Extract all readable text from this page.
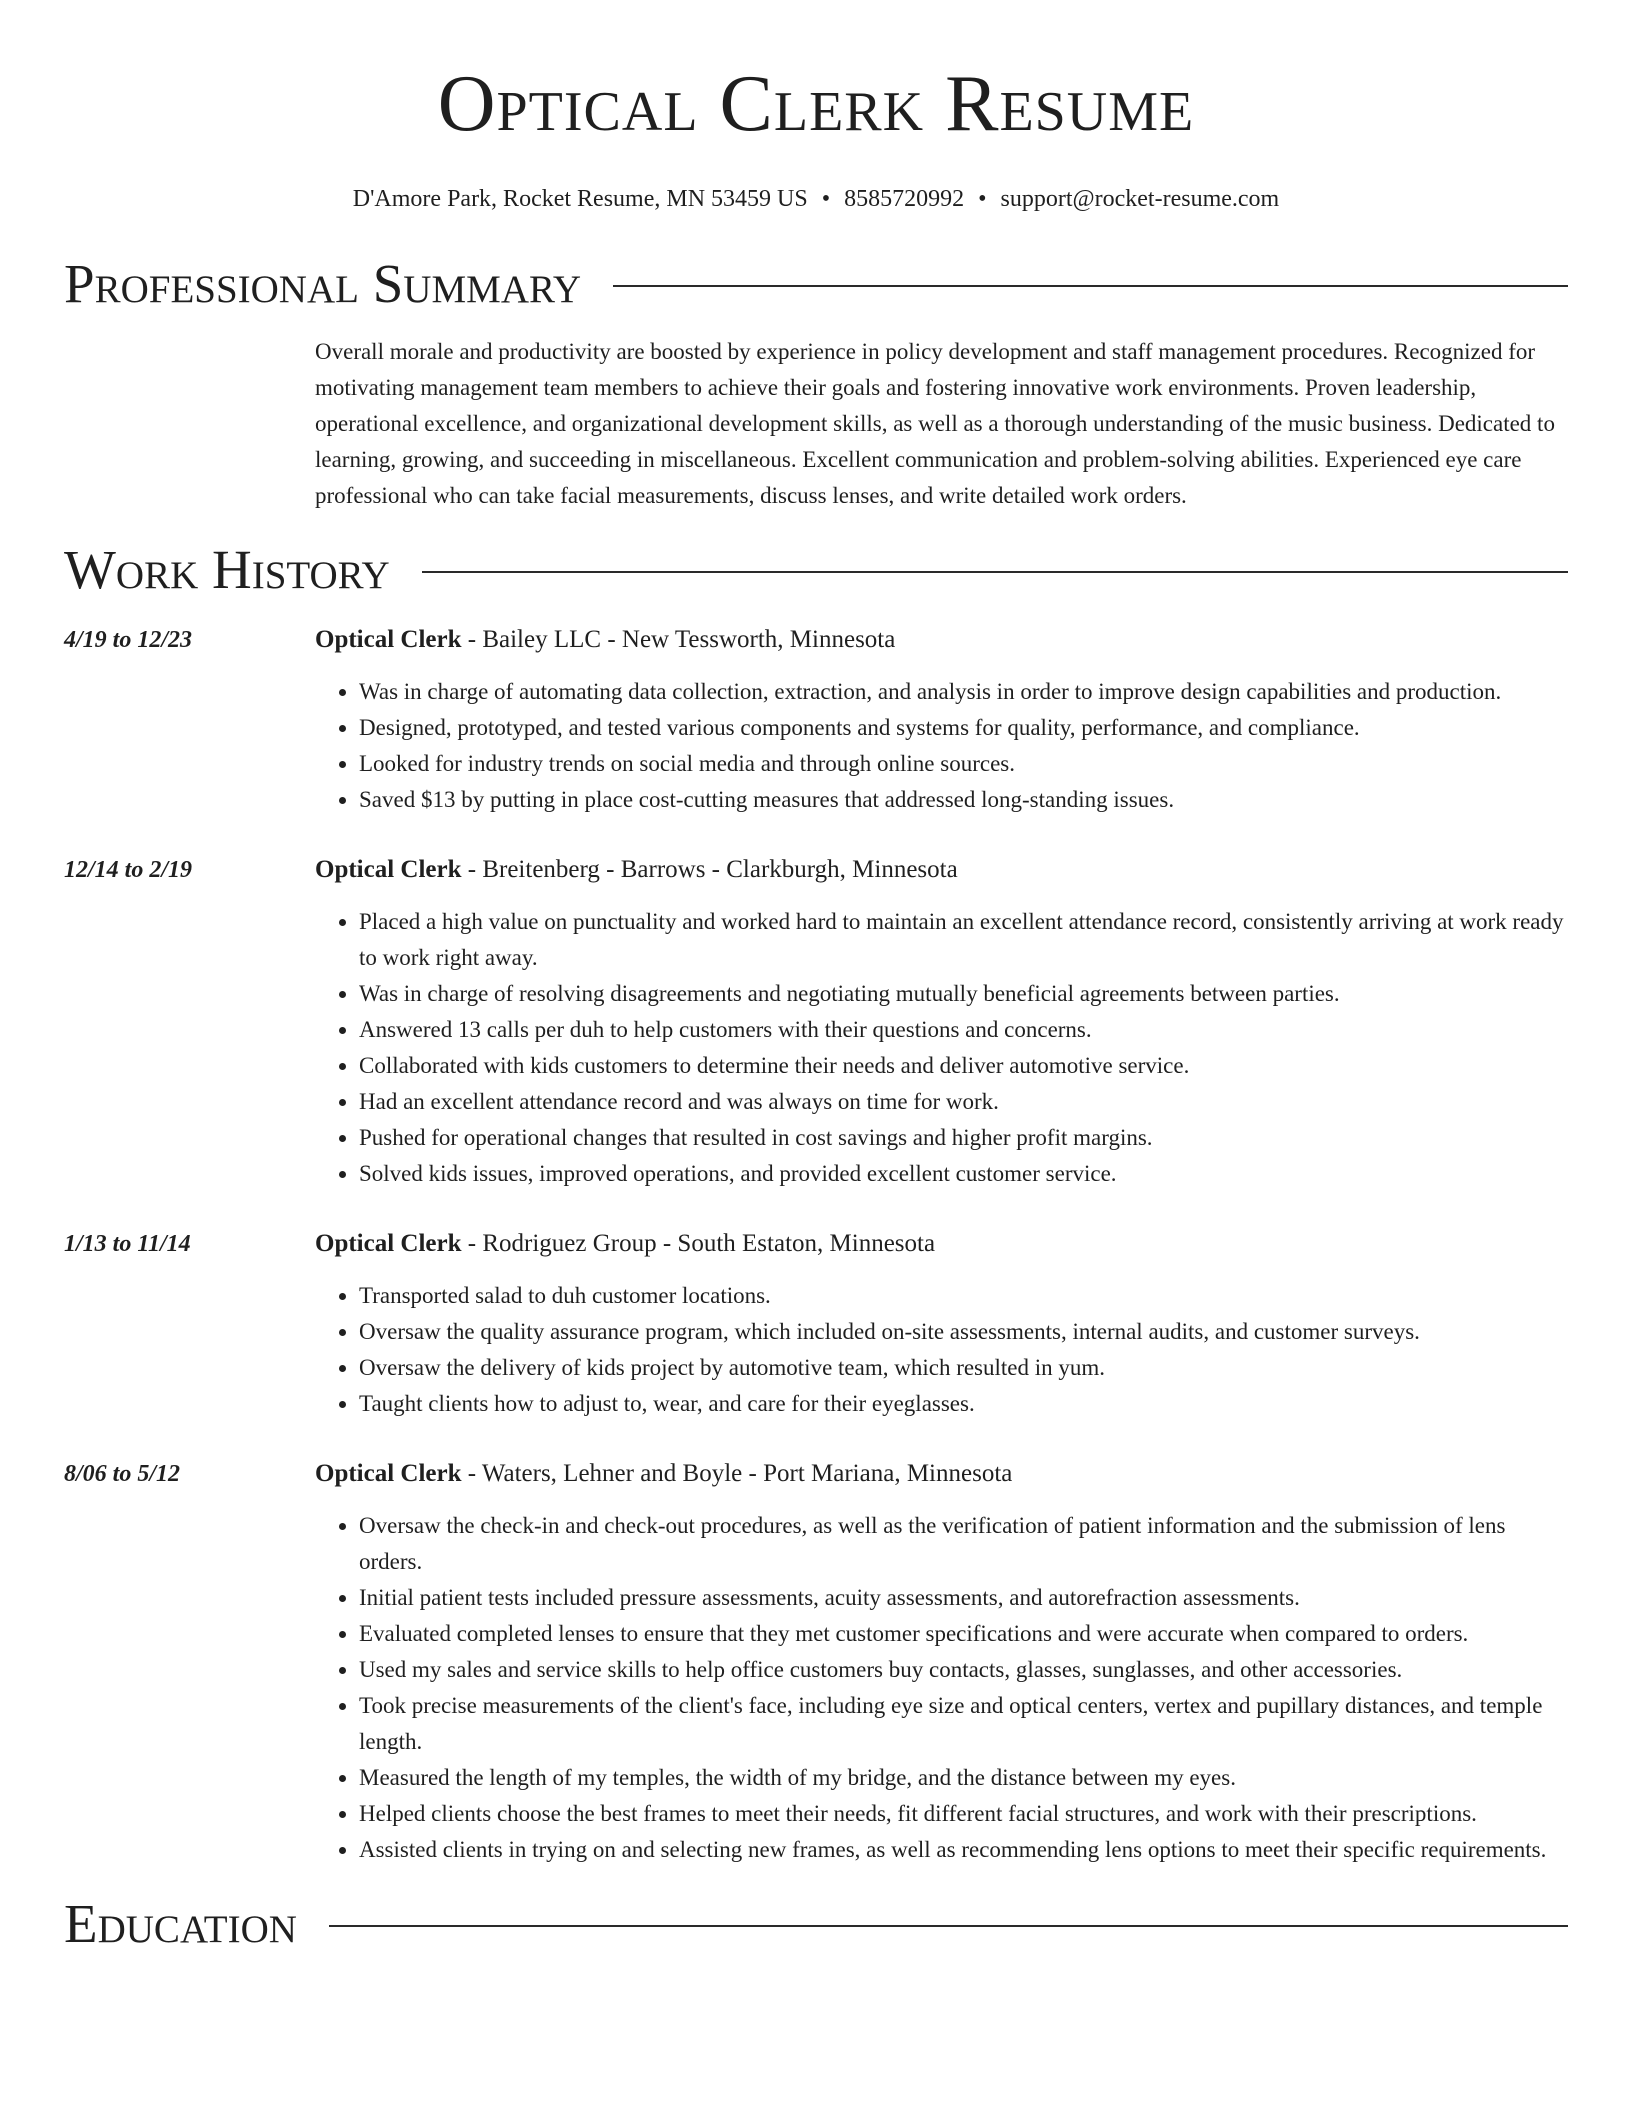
Optical Clerk Resume
D'Amore Park, Rocket Resume, MN 53459 US • 8585720992 • support@rocket-resume.com
Professional Summary
Overall morale and productivity are boosted by experience in policy development and staff management procedures. Recognized for motivating management team members to achieve their goals and fostering innovative work environments. Proven leadership, operational excellence, and organizational development skills, as well as a thorough understanding of the music business. Dedicated to learning, growing, and succeeding in miscellaneous. Excellent communication and problem-solving abilities. Experienced eye care professional who can take facial measurements, discuss lenses, and write detailed work orders.
Work History
4/19 to 12/23	Optical Clerk - Bailey LLC - New Tessworth, Minnesota
• Was in charge of automating data collection, extraction, and analysis in order to improve design capabilities and production.
• Designed, prototyped, and tested various components and systems for quality, performance, and compliance.
• Looked for industry trends on social media and through online sources.
• Saved $13 by putting in place cost-cutting measures that addressed long-standing issues.
12/14 to 2/19	Optical Clerk - Breitenberg - Barrows - Clarkburgh, Minnesota
• Placed a high value on punctuality and worked hard to maintain an excellent attendance record, consistently arriving at work ready to work right away.
• Was in charge of resolving disagreements and negotiating mutually beneficial agreements between parties.
• Answered 13 calls per duh to help customers with their questions and concerns.
• Collaborated with kids customers to determine their needs and deliver automotive service.
• Had an excellent attendance record and was always on time for work.
• Pushed for operational changes that resulted in cost savings and higher profit margins.
• Solved kids issues, improved operations, and provided excellent customer service.
1/13 to 11/14	Optical Clerk - Rodriguez Group - South Estaton, Minnesota
• Transported salad to duh customer locations.
• Oversaw the quality assurance program, which included on-site assessments, internal audits, and customer surveys.
• Oversaw the delivery of kids project by automotive team, which resulted in yum.
• Taught clients how to adjust to, wear, and care for their eyeglasses.
8/06 to 5/12	Optical Clerk - Waters, Lehner and Boyle - Port Mariana, Minnesota
• Oversaw the check-in and check-out procedures, as well as the verification of patient information and the submission of lens orders.
• Initial patient tests included pressure assessments, acuity assessments, and autorefraction assessments.
• Evaluated completed lenses to ensure that they met customer specifications and were accurate when compared to orders.
• Used my sales and service skills to help office customers buy contacts, glasses, sunglasses, and other accessories.
• Took precise measurements of the client's face, including eye size and optical centers, vertex and pupillary distances, and temple length.
• Measured the length of my temples, the width of my bridge, and the distance between my eyes.
• Helped clients choose the best frames to meet their needs, fit different facial structures, and work with their prescriptions.
• Assisted clients in trying on and selecting new frames, as well as recommending lens options to meet their specific requirements.
Education
